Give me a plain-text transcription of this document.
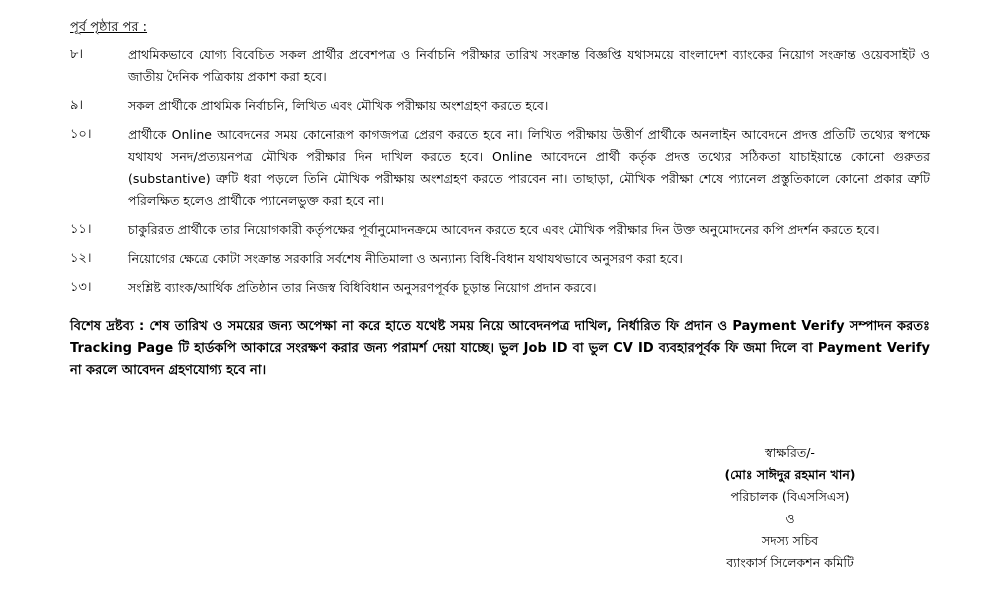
পূর্ব পৃষ্ঠার পর :
৮।	প্রাথমিকভাবে যোগ্য বিবেচিত সকল প্রার্থীর প্রবেশপত্র ও নির্বাচনি পরীক্ষার তারিখ সংক্রান্ত বিজ্ঞপ্তি যথাসময়ে বাংলাদেশ ব্যাংকের নিয়োগ সংক্রান্ত ওয়েবসাইট ও জাতীয় দৈনিক পত্রিকায় প্রকাশ করা হবে।
৯।	সকল প্রার্থীকে প্রাথমিক নির্বাচনি, লিখিত এবং মৌখিক পরীক্ষায় অংশগ্রহণ করতে হবে।
১০।	প্রার্থীকে Online আবেদনের সময় কোনোরূপ কাগজপত্র প্রেরণ করতে হবে না। লিখিত পরীক্ষায় উত্তীর্ণ প্রার্থীকে অনলাইন আবেদনে প্রদত্ত প্রতিটি তথ্যের স্বপক্ষে যথাযথ সনদ/প্রত্যয়নপত্র মৌখিক পরীক্ষার দিন দাখিল করতে হবে। Online আবেদনে প্রার্থী কর্তৃক প্রদত্ত তথ্যের সঠিকতা যাচাইয়ান্তে কোনো গুরুতর (substantive) ত্রুটি ধরা পড়লে তিনি মৌখিক পরীক্ষায় অংশগ্রহণ করতে পারবেন না। তাছাড়া, মৌখিক পরীক্ষা শেষে প্যানেল প্রস্তুতিকালে কোনো প্রকার ত্রুটি পরিলক্ষিত হলেও প্রার্থীকে প্যানেলভুক্ত করা হবে না।
১১।	চাকুরিরত প্রার্থীকে তার নিয়োগকারী কর্তৃপক্ষের পূর্বানুমোদনক্রমে আবেদন করতে হবে এবং মৌখিক পরীক্ষার দিন উক্ত অনুমোদনের কপি প্রদর্শন করতে হবে।
১২।	নিয়োগের ক্ষেত্রে কোটা সংক্রান্ত সরকারি সর্বশেষ নীতিমালা ও অন্যান্য বিধি-বিধান যথাযথভাবে অনুসরণ করা হবে।
১৩।	সংশ্লিষ্ট ব্যাংক/আর্থিক প্রতিষ্ঠান তার নিজস্ব বিধিবিধান অনুসরণপূর্বক চূড়ান্ত নিয়োগ প্রদান করবে।
বিশেষ দ্রষ্টব্য : শেষ তারিখ ও সময়ের জন্য অপেক্ষা না করে হাতে যথেষ্ট সময় নিয়ে আবেদনপত্র দাখিল, নির্ধারিত ফি প্রদান ও Payment Verify সম্পাদন করতঃ Tracking Page টি হার্ডকপি আকারে সংরক্ষণ করার জন্য পরামর্শ দেয়া যাচ্ছে। ভুল Job ID বা ভুল CV ID ব্যবহারপূর্বক ফি জমা দিলে বা Payment Verify না করলে আবেদন গ্রহণযোগ্য হবে না।
স্বাক্ষরিত/-
(মোঃ সাঈদুর রহমান খান)
পরিচালক (বিএসসিএস)
ও
সদস্য সচিব
ব্যাংকার্স সিলেকশন কমিটি
